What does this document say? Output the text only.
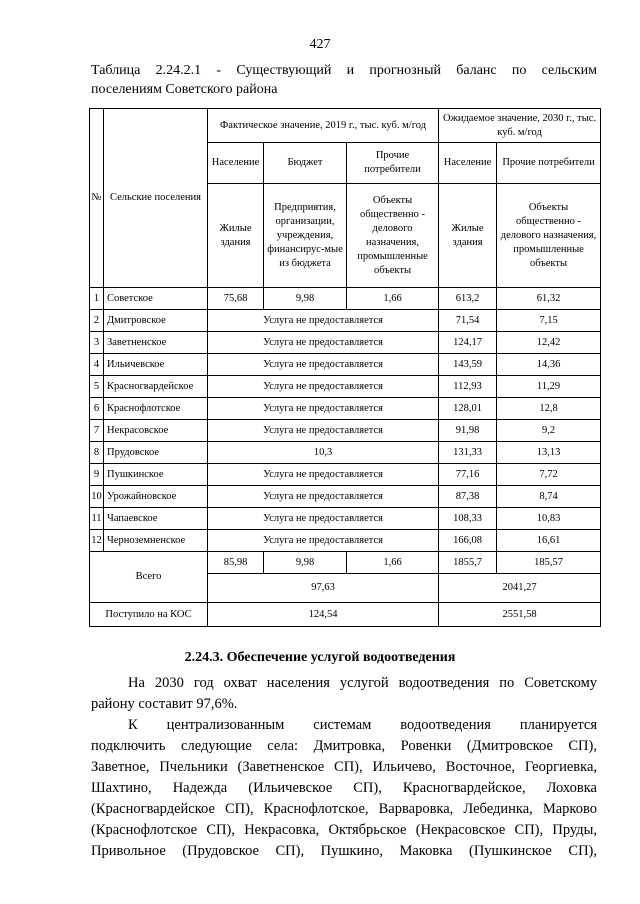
427
Таблица 2.24.2.1 - Существующий и прогнозный баланс по сельским
поселениям Советского района
№	Сельские поселения	Фактическое значение, 2019 г., тыс. куб. м/год			Ожидаемое значение, 2030 г., тыс. куб. м/год	
		Население	Бюджет	Прочие потребители	Население	Прочие потребители
		Жилые здания	Предприятия, организации, учреждения, финансирус-мые из бюджета	Объекты общественно - делового назначения, промышленные объекты	Жилые здания	Объекты общественно - делового назначения, промышленные объекты
1	Советское	75,68	9,98	1,66	613,2	61,32
2	Дмитровское	Услуга не предоставляется			71,54	7,15
3	Заветненское	Услуга не предоставляется			124,17	12,42
4	Ильичевское	Услуга не предоставляется			143,59	14,36
5	Красногвардейское	Услуга не предоставляется			112,93	11,29
6	Краснофлотское	Услуга не предоставляется			128,01	12,8
7	Некрасовское	Услуга не предоставляется			91,98	9,2
8	Прудовское	10,3			131,33	13,13
9	Пушкинское	Услуга не предоставляется			77,16	7,72
10	Урожайновское	Услуга не предоставляется			87,38	8,74
11	Чапаевское	Услуга не предоставляется			108,33	10,83
12	Черноземненское	Услуга не предоставляется			166,08	16,61
Всего		85,98	9,98	1,66	1855,7	185,57
		97,63			2041,27	
Поступило на КОС		124,54			2551,58	
2.24.3. Обеспечение услугой водоотведения
На 2030 год охват населения услугой водоотведения по Советскому
району составит 97,6%.
К централизованным системам водоотведения планируется
подключить следующие села: Дмитровка, Ровенки (Дмитровское СП),
Заветное, Пчельники (Заветненское СП), Ильичево, Восточное, Георгиевка,
Шахтино, Надежда (Ильичевское СП), Красногвардейское, Лоховка
(Красногвардейское СП), Краснофлотское, Варваровка, Лебединка, Марково
(Краснофлотское СП), Некрасовка, Октябрьское (Некрасовское СП), Пруды,
Привольное (Прудовское СП), Пушкино, Маковка (Пушкинское СП),
